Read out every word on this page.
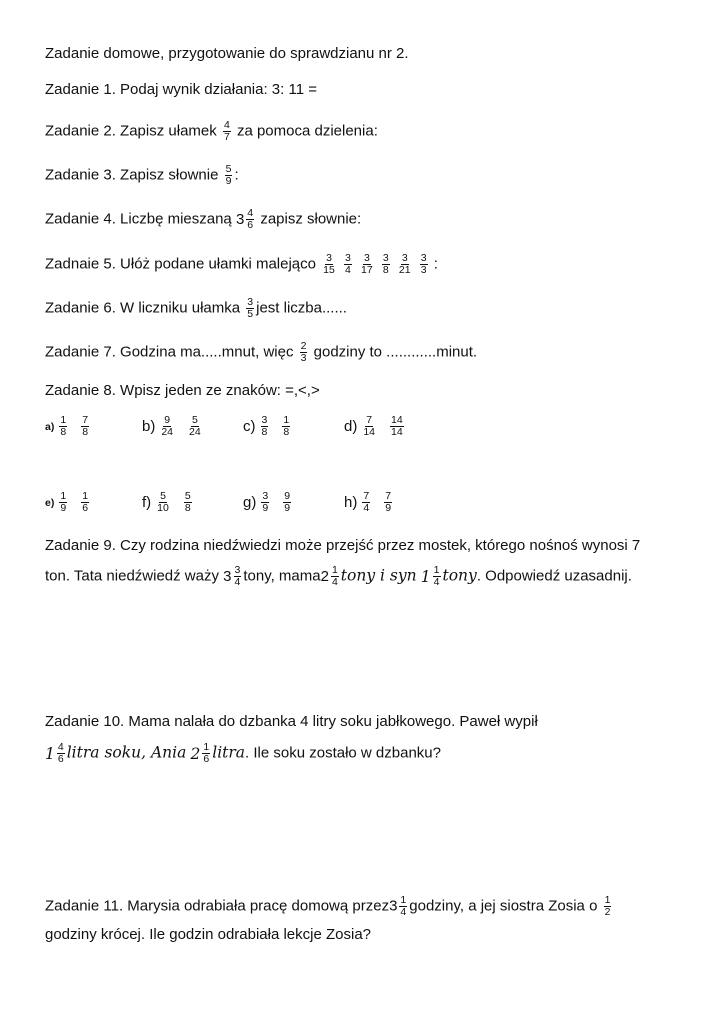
Zadanie domowe, przygotowanie do sprawdzianu nr 2.
Zadanie 1. Podaj wynik działania: 3: 11 =
Zadanie 2. Zapisz ułamek $\frac{4}{7}$ za pomoca dzielenia:
Zadanie 3. Zapisz słownie $\frac{5}{9}$ :
Zadanie 4. Liczbę mieszaną $3 \frac{4}{6}$ zapisz słownie:
Zadnaie 5. Ułóż podane ułamki malejąco $\frac{3}{15}$
$\frac{3}{4}$
$\frac{3}{17}$
$\frac{3}{8}$
$\frac{3}{21}$
$\frac{3}{3}$ :
Zadanie 6. W liczniku ułamka $\frac{3}{5}$ jest liczba......
Zadanie 7. Godzina ma.....mnut, więc $\frac{2}{3}$ godziny to ............minut.
Zadanie 8. Wpisz jeden ze znaków: =,<,>
$a) \frac{1}{8} \frac{7}{8}$	$b) \frac{9}{24} \frac{5}{24}$	$c) \frac{3}{8} \frac{1}{8}$	$d) \frac{7}{14} \frac{14}{14}$
$e) \frac{1}{9} \frac{1}{6}$	$f) \frac{5}{10} \frac{5}{8}$	$g) \frac{3}{9} \frac{9}{9}$	$h) \frac{7}{4} \frac{7}{9}$
Zadanie 9. Czy rodzina niedźwiedzi może przejść przez mostek, którego nośnoś wynosi 7
ton. Tata niedźwiedź waży $3 \frac{3}{4}$ tony, mama $2 \frac{1}{4}$ tony i syn $1 \frac{1}{4}$ tony. Odpowiedź uzasadnij.
Zadanie 10. Mama nalała do dzbanka 4 litry soku jabłkowego. Paweł wypił
$1 \frac{4}{6}$ litra soku, Ania $2 \frac{1}{6}$ litra. Ile soku zostało w dzbanku?
Zadanie 11. Marysia odrabiała pracę domową przez3 $\frac{1}{4}$ godziny, a jej siostra Zosia o $\frac{1}{2}$
godziny krócej. Ile godzin odrabiała lekcje Zosia?
